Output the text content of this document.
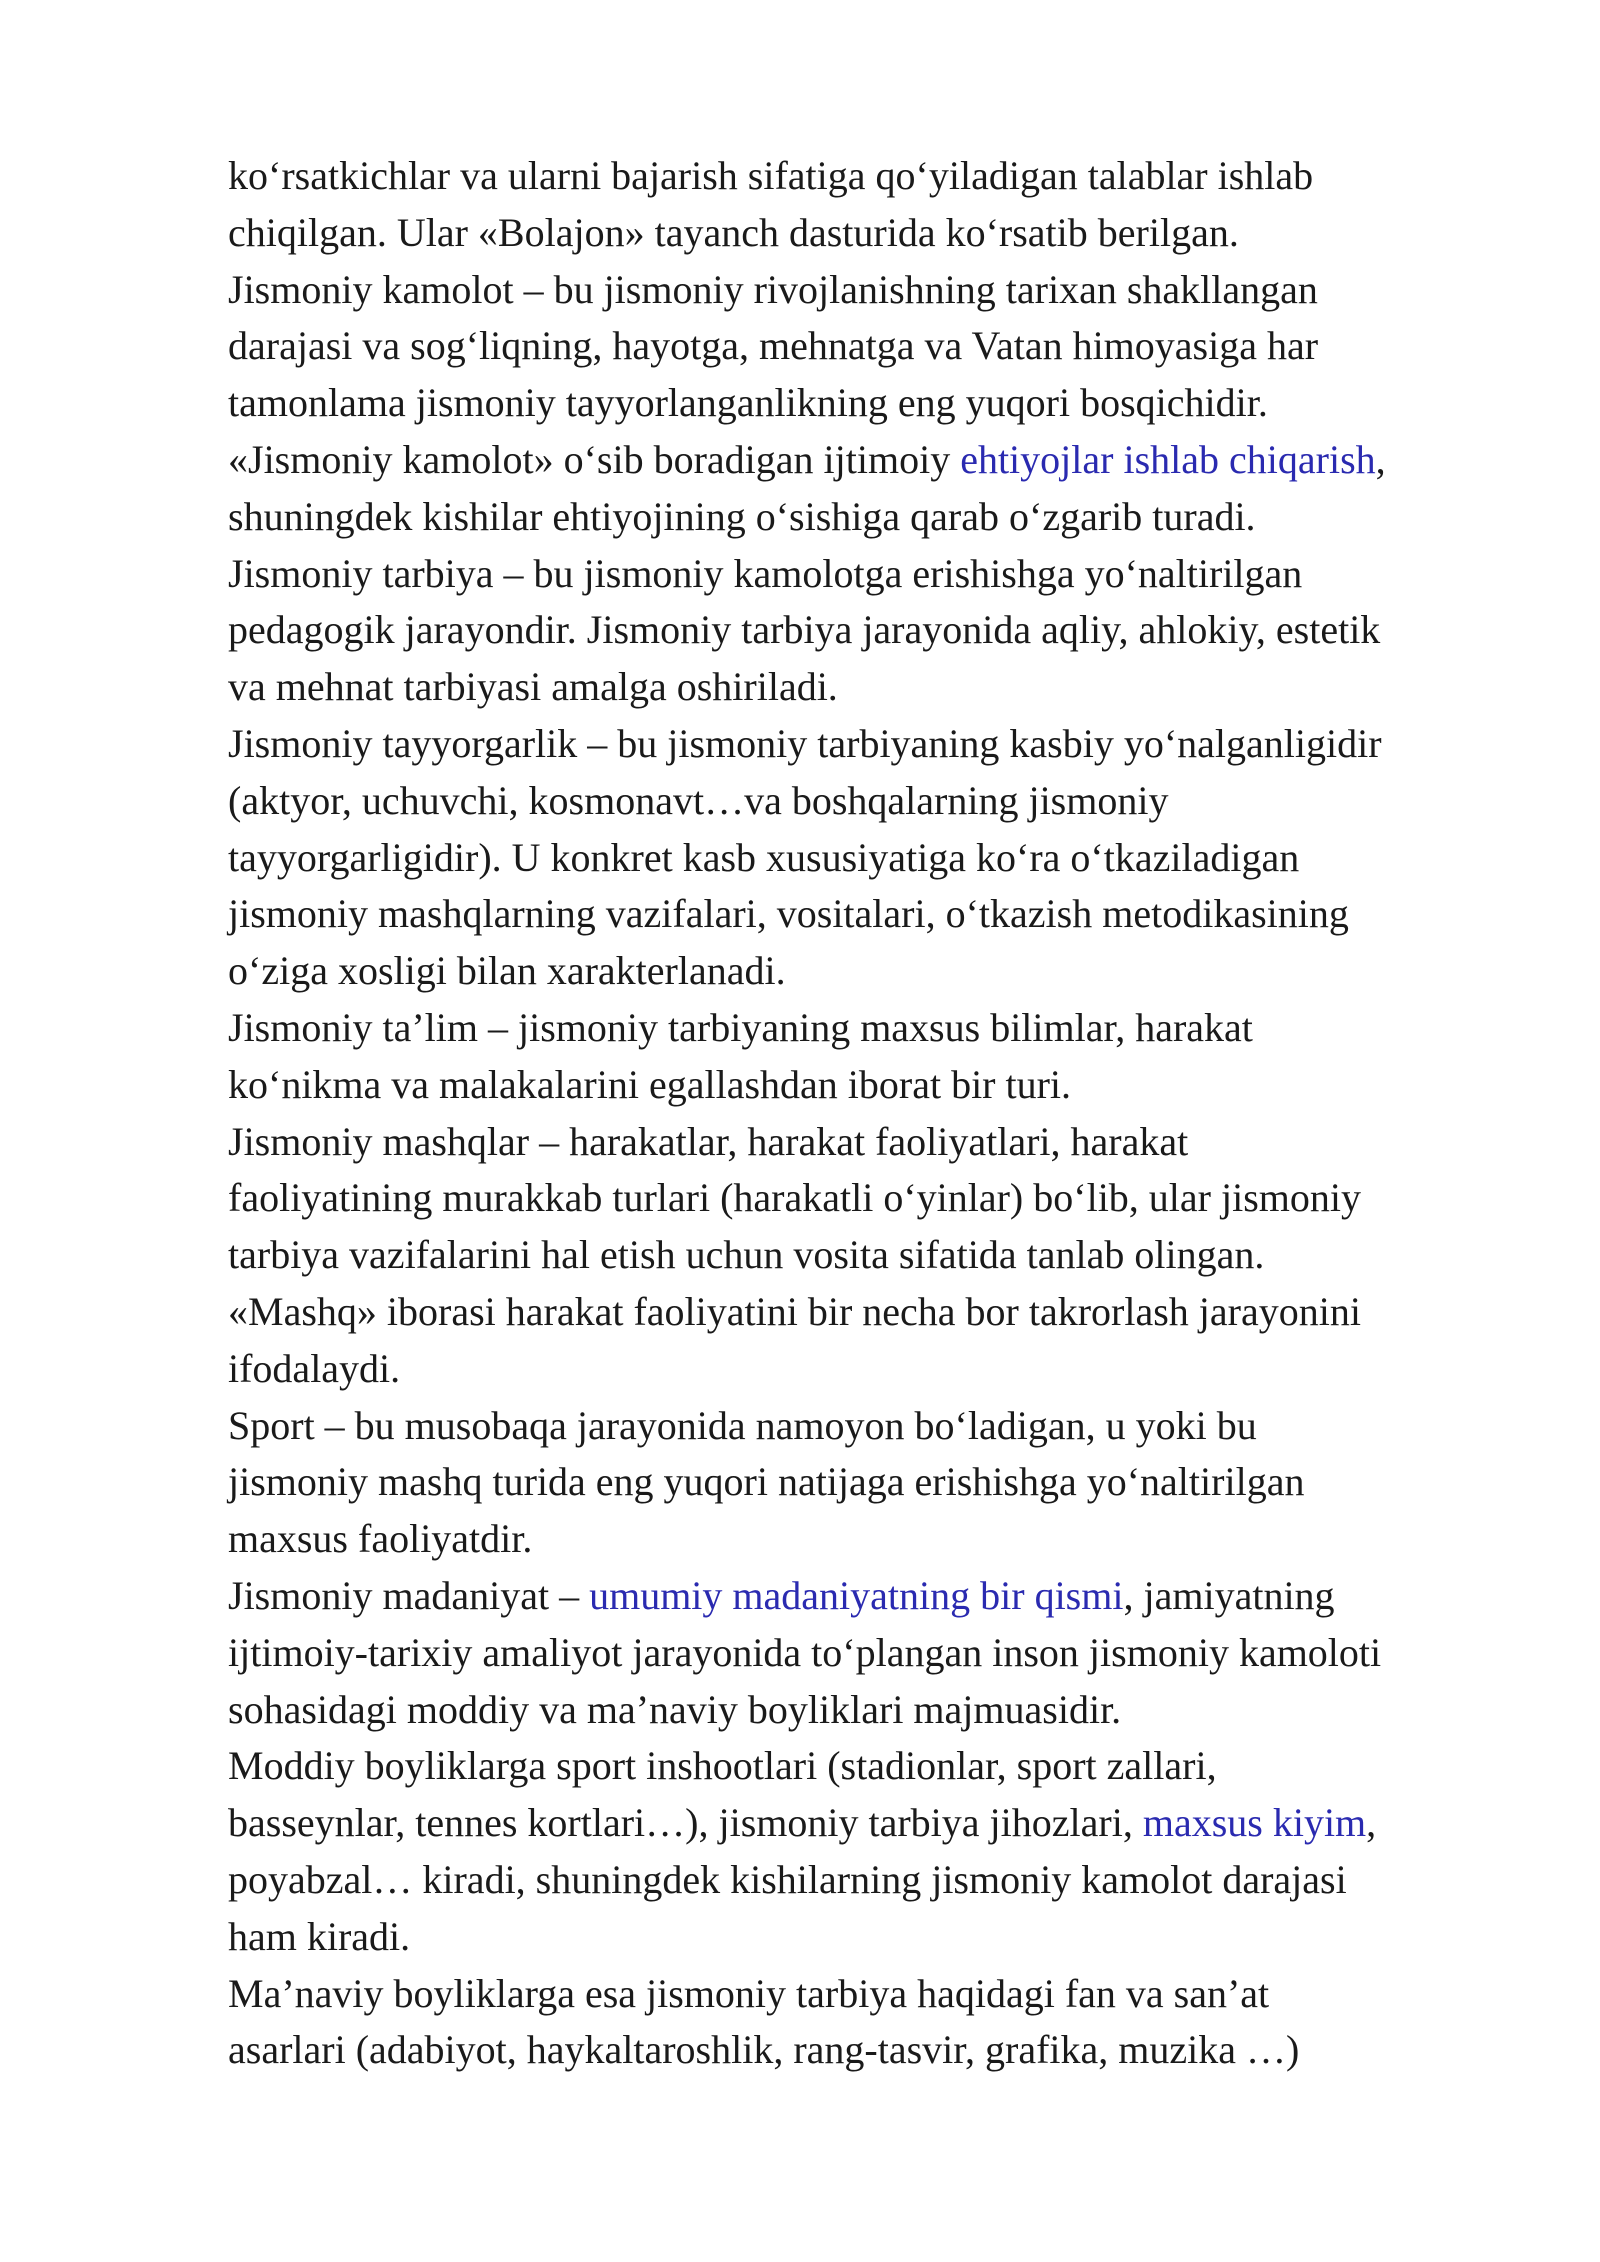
ko‘rsatkichlar va ularni bajarish sifatiga qo‘yiladigan talablar ishlab
chiqilgan. Ular «Bolajon» tayanch dasturida ko‘rsatib berilgan.
Jismoniy kamolot – bu jismoniy rivojlanishning tarixan shakllangan
darajasi va sog‘liqning, hayotga, mehnatga va Vatan himoyasiga har
tamonlama jismoniy tayyorlanganlikning eng yuqori bosqichidir.
«Jismoniy kamolot» o‘sib boradigan ijtimoiy ehtiyojlar ishlab chiqarish,
shuningdek kishilar ehtiyojining o‘sishiga qarab o‘zgarib turadi.
Jismoniy tarbiya – bu jismoniy kamolotga erishishga yo‘naltirilgan
pedagogik jarayondir. Jismoniy tarbiya jarayonida aqliy, ahlokiy, estetik
va mehnat tarbiyasi amalga oshiriladi.
Jismoniy tayyorgarlik – bu jismoniy tarbiyaning kasbiy yo‘nalganligidir
(aktyor, uchuvchi, kosmonavt…va boshqalarning jismoniy
tayyorgarligidir). U konkret kasb xususiyatiga ko‘ra o‘tkaziladigan
jismoniy mashqlarning vazifalari, vositalari, o‘tkazish metodikasining
o‘ziga xosligi bilan xarakterlanadi.
Jismoniy ta’lim – jismoniy tarbiyaning maxsus bilimlar, harakat
ko‘nikma va malakalarini egallashdan iborat bir turi.
Jismoniy mashqlar – harakatlar, harakat faoliyatlari, harakat
faoliyatining murakkab turlari (harakatli o‘yinlar) bo‘lib, ular jismoniy
tarbiya vazifalarini hal etish uchun vosita sifatida tanlab olingan.
«Mashq» iborasi harakat faoliyatini bir necha bor takrorlash jarayonini
ifodalaydi.
Sport – bu musobaqa jarayonida namoyon bo‘ladigan, u yoki bu
jismoniy mashq turida eng yuqori natijaga erishishga yo‘naltirilgan
maxsus faoliyatdir.
Jismoniy madaniyat – umumiy madaniyatning bir qismi, jamiyatning
ijtimoiy-tarixiy amaliyot jarayonida to‘plangan inson jismoniy kamoloti
sohasidagi moddiy va ma’naviy boyliklari majmuasidir.
Moddiy boyliklarga sport inshootlari (stadionlar, sport zallari,
basseynlar, tennes kortlari…), jismoniy tarbiya jihozlari, maxsus kiyim,
poyabzal… kiradi, shuningdek kishilarning jismoniy kamolot darajasi
ham kiradi.
Ma’naviy boyliklarga esa jismoniy tarbiya haqidagi fan va san’at
asarlari (adabiyot, haykaltaroshlik, rang-tasvir, grafika, muzika …)
